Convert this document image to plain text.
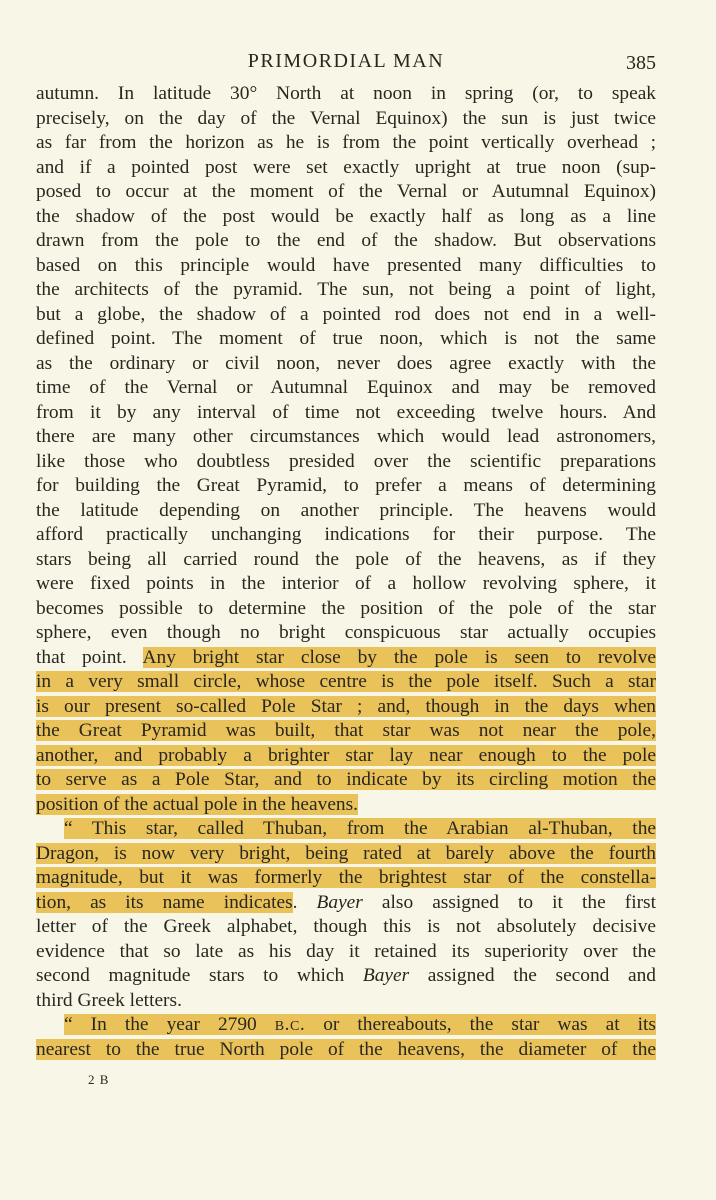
PRIMORDIAL MAN	385
autumn. In latitude 30° North at noon in spring (or, to speak
precisely, on the day of the Vernal Equinox) the sun is just twice
as far from the horizon as he is from the point vertically overhead ;
and if a pointed post were set exactly upright at true noon (sup-
posed to occur at the moment of the Vernal or Autumnal Equinox)
the shadow of the post would be exactly half as long as a line
drawn from the pole to the end of the shadow. But observations
based on this principle would have presented many difficulties to
the architects of the pyramid. The sun, not being a point of light,
but a globe, the shadow of a pointed rod does not end in a well-
defined point. The moment of true noon, which is not the same
as the ordinary or civil noon, never does agree exactly with the
time of the Vernal or Autumnal Equinox and may be removed
from it by any interval of time not exceeding twelve hours. And
there are many other circumstances which would lead astronomers,
like those who doubtless presided over the scientific preparations
for building the Great Pyramid, to prefer a means of determining
the latitude depending on another principle. The heavens would
afford practically unchanging indications for their purpose. The
stars being all carried round the pole of the heavens, as if they
were fixed points in the interior of a hollow revolving sphere, it
becomes possible to determine the position of the pole of the star
sphere, even though no bright conspicuous star actually occupies
that point. Any bright star close by the pole is seen to revolve
in a very small circle, whose centre is the pole itself. Such a star
is our present so-called Pole Star ; and, though in the days when
the Great Pyramid was built, that star was not near the pole,
another, and probably a brighter star lay near enough to the pole
to serve as a Pole Star, and to indicate by its circling motion the
position of the actual pole in the heavens.
“ This star, called Thuban, from the Arabian al-Thuban, the
Dragon, is now very bright, being rated at barely above the fourth
magnitude, but it was formerly the brightest star of the constella-
tion, as its name indicates. Bayer also assigned to it the first
letter of the Greek alphabet, though this is not absolutely decisive
evidence that so late as his day it retained its superiority over the
second magnitude stars to which Bayer assigned the second and
third Greek letters.
“ In the year 2790 b.c. or thereabouts, the star was at its
nearest to the true North pole of the heavens, the diameter of the
2 B
